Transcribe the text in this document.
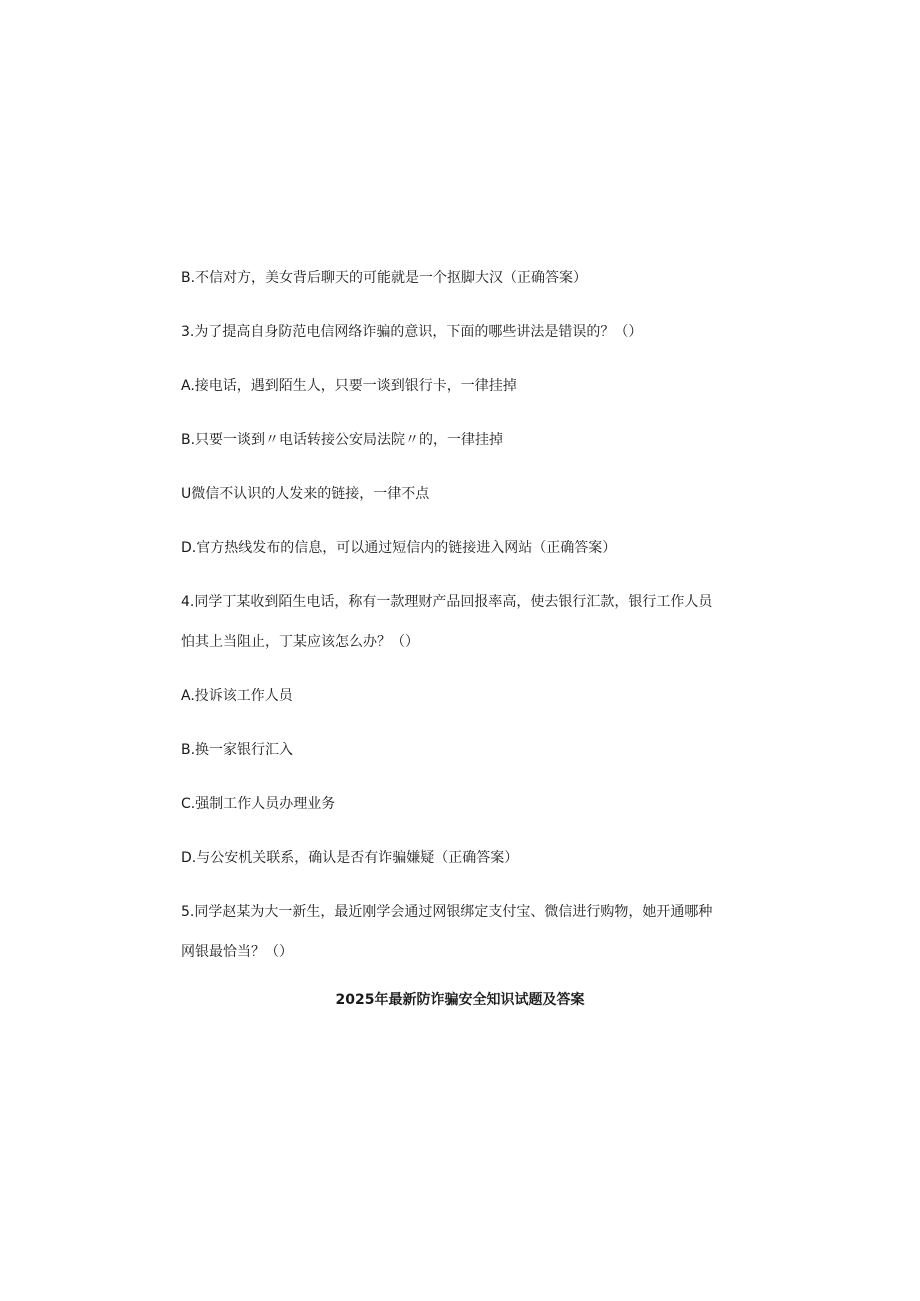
B.不信对方，美女背后聊天的可能就是一个抠脚大汉（正确答案）

3.为了提高自身防范电信网络诈骗的意识，下面的哪些讲法是错误的？（）

A.接电话，遇到陌生人，只要一谈到银行卡，一律挂掉

B.只要一谈到〃电话转接公安局法院〃的，一律挂掉

U微信不认识的人发来的链接，一律不点

D.官方热线发布的信息，可以通过短信内的链接进入网站（正确答案）

4.同学丁某收到陌生电话，称有一款理财产品回报率高，使去银行汇款，银行工作人员

怕其上当阻止，丁某应该怎么办？（）

A.投诉该工作人员

B.换一家银行汇入

C.强制工作人员办理业务

D.与公安机关联系，确认是否有诈骗嫌疑（正确答案）

5.同学赵某为大一新生，最近刚学会通过网银绑定支付宝、微信进行购物，她开通哪种

网银最恰当？（）

2025年最新防诈骗安全知识试题及答案
